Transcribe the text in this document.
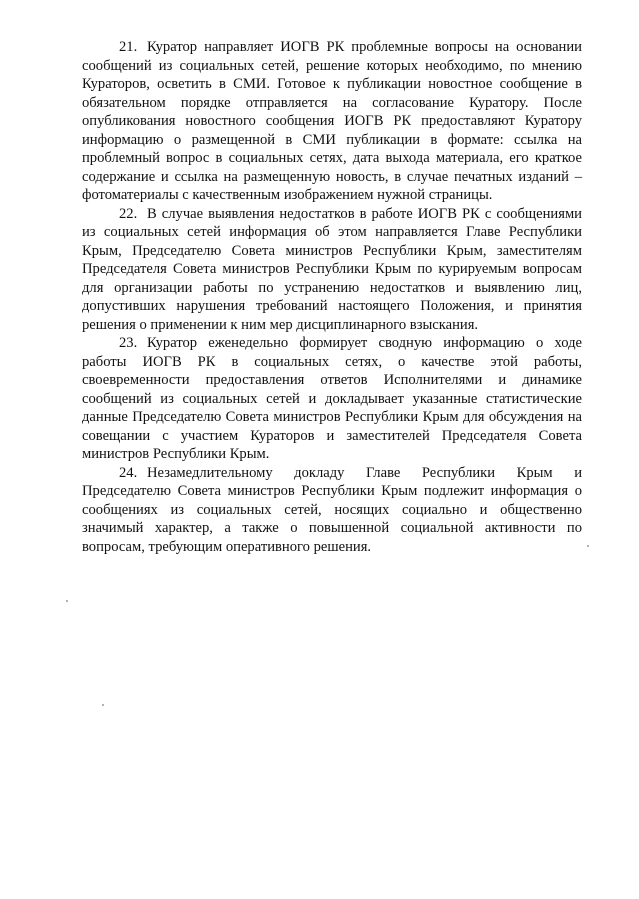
21. Куратор направляет ИОГВ РК проблемные вопросы на основании сообщений из социальных сетей, решение которых необходимо, по мнению Кураторов, осветить в СМИ. Готовое к публикации новостное сообщение в обязательном порядке отправляется на согласование Куратору. После опубликования новостного сообщения ИОГВ РК предоставляют Куратору информацию о размещенной в СМИ публикации в формате: ссылка на проблемный вопрос в социальных сетях, дата выхода материала, его краткое содержание и ссылка на размещенную новость, в случае печатных изданий – фотоматериалы с качественным изображением нужной страницы.

22. В случае выявления недостатков в работе ИОГВ РК с сообщениями из социальных сетей информация об этом направляется Главе Республики Крым, Председателю Совета министров Республики Крым, заместителям Председателя Совета министров Республики Крым по курируемым вопросам для организации работы по устранению недостатков и выявлению лиц, допустивших нарушения требований настоящего Положения, и принятия решения о применении к ним мер дисциплинарного взыскания.

23. Куратор еженедельно формирует сводную информацию о ходе работы ИОГВ РК в социальных сетях, о качестве этой работы, своевременности предоставления ответов Исполнителями и динамике сообщений из социальных сетей и докладывает указанные статистические данные Председателю Совета министров Республики Крым для обсуждения на совещании с участием Кураторов и заместителей Председателя Совета министров Республики Крым.

24. Незамедлительному докладу Главе Республики Крым и Председателю Совета министров Республики Крым подлежит информация о сообщениях из социальных сетей, носящих социально и общественно значимый характер, а также о повышенной социальной активности по вопросам, требующим оперативного решения.
